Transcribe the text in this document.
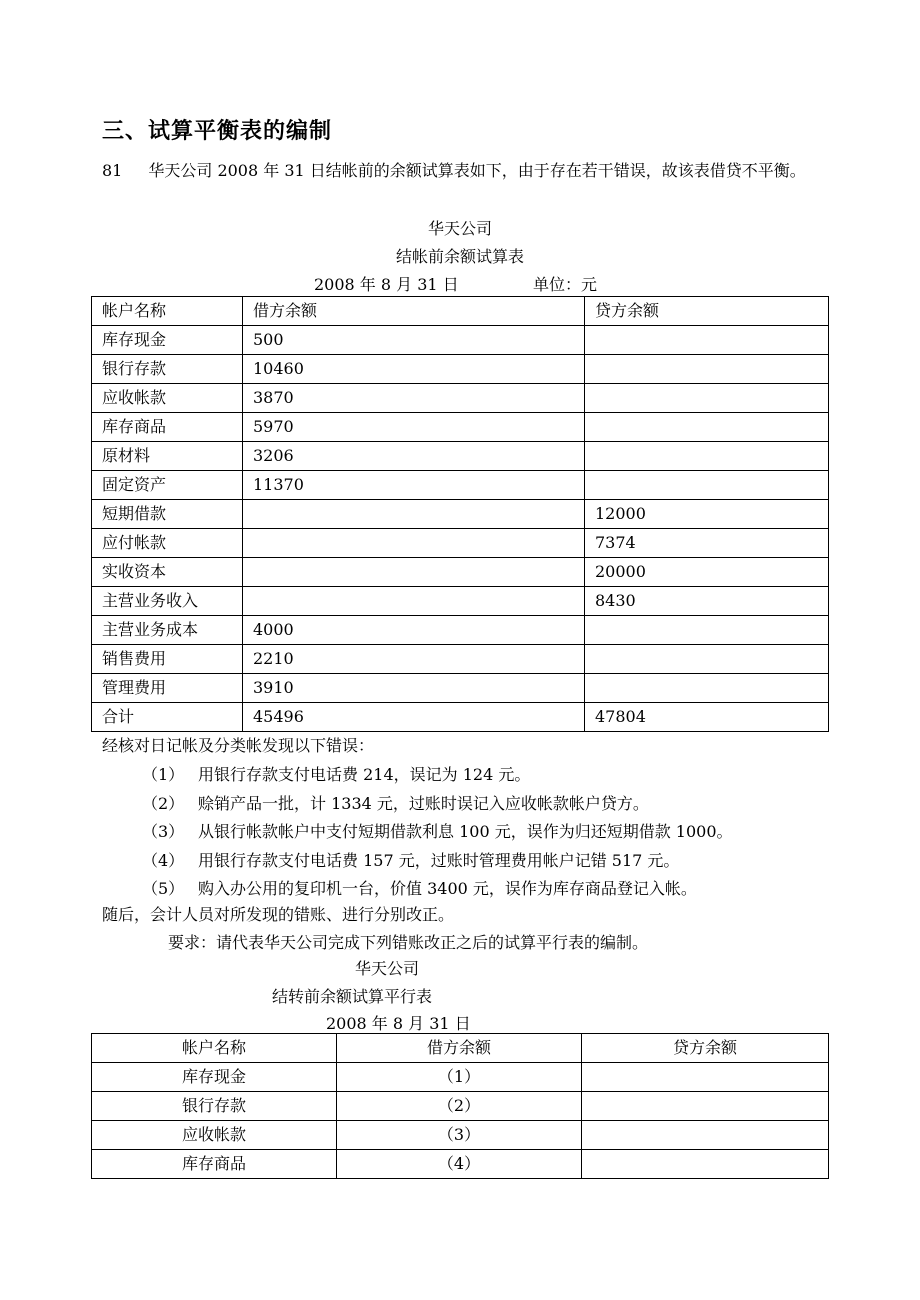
三、试算平衡表的编制
81 华天公司 2008 年 31 日结帐前的余额试算表如下，由于存在若干错误，故该表借贷不平衡。
华天公司
结帐前余额试算表
2008 年 8 月 31 日	单位：元
帐户名称	借方余额	贷方余额
库存现金	500	
银行存款	10460	
应收帐款	3870	
库存商品	5970	
原材料	3206	
固定资产	11370	
短期借款		12000
应付帐款		7374
实收资本		20000
主营业务收入		8430
主营业务成本	4000	
销售费用	2210	
管理费用	3910	
合计	45496	47804
经核对日记帐及分类帐发现以下错误：
（1） 用银行存款支付电话费 214，误记为 124 元。
（2） 赊销产品一批，计 1334 元，过账时误记入应收帐款帐户贷方。
（3） 从银行帐款帐户中支付短期借款利息 100 元，误作为归还短期借款 1000。
（4） 用银行存款支付电话费 157 元，过账时管理费用帐户记错 517 元。
（5） 购入办公用的复印机一台，价值 3400 元，误作为库存商品登记入帐。
随后，会计人员对所发现的错账、进行分别改正。
要求：请代表华天公司完成下列错账改正之后的试算平行表的编制。
华天公司
结转前余额试算平行表
2008 年 8 月 31 日
帐户名称	借方余额	贷方余额
库存现金	（1）	
银行存款	（2）	
应收帐款	（3）	
库存商品	（4）	
